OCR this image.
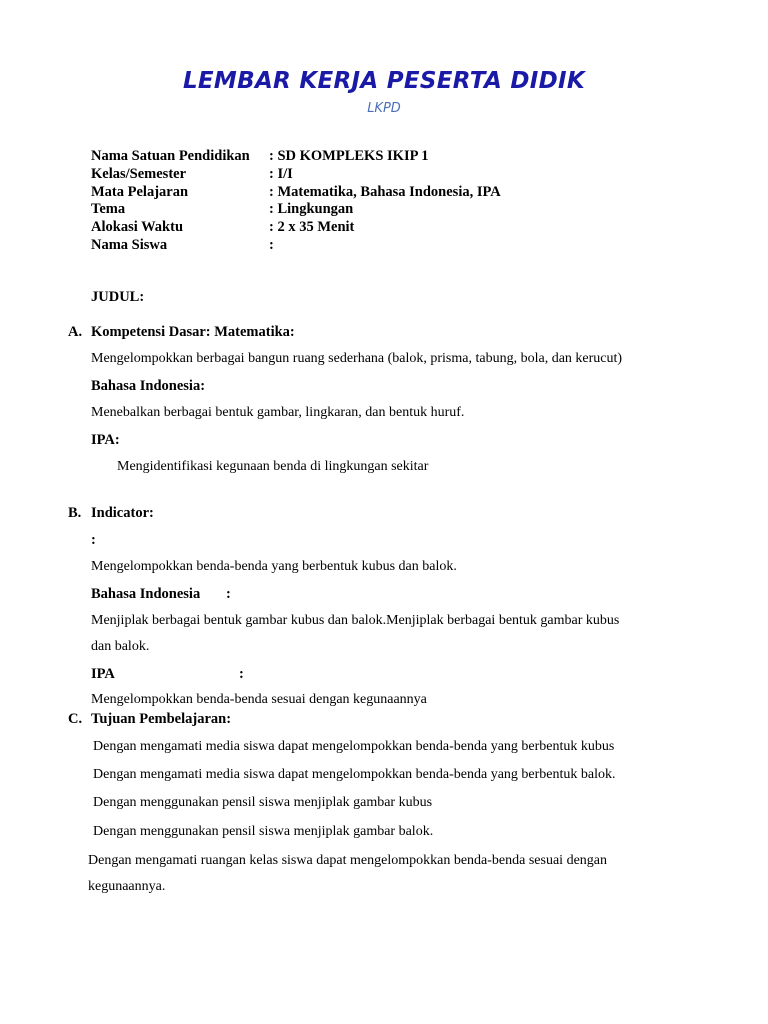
LEMBAR KERJA PESERTA DIDIK
LKPD
Nama Satuan Pendidikan : SD KOMPLEKS IKIP 1
Kelas/Semester	: I/I
Mata Pelajaran	: Matematika, Bahasa Indonesia, IPA
Tema	: Lingkungan
Alokasi Waktu	: 2 x 35 Menit
Nama Siswa	:
JUDUL:
A. Kompetensi Dasar: Matematika:
Mengelompokkan berbagai bangun ruang sederhana (balok, prisma, tabung, bola, dan kerucut)
Bahasa Indonesia:
Menebalkan berbagai bentuk gambar, lingkaran, dan bentuk huruf.
IPA:
Mengidentifikasi kegunaan benda di lingkungan sekitar
B. Indicator:
:
Mengelompokkan benda-benda yang berbentuk kubus dan balok.
Bahasa Indonesia :
Menjiplak berbagai bentuk gambar kubus dan balok.Menjiplak berbagai bentuk gambar kubus
dan balok.
IPA	:
Mengelompokkan benda-benda sesuai dengan kegunaannya
C. Tujuan Pembelajaran:
Dengan mengamati media siswa dapat mengelompokkan benda-benda yang berbentuk kubus
Dengan mengamati media siswa dapat mengelompokkan benda-benda yang berbentuk balok.
Dengan menggunakan pensil siswa menjiplak gambar kubus
Dengan menggunakan pensil siswa menjiplak gambar balok.
Dengan mengamati ruangan kelas siswa dapat mengelompokkan benda-benda sesuai dengan
kegunaannya.
